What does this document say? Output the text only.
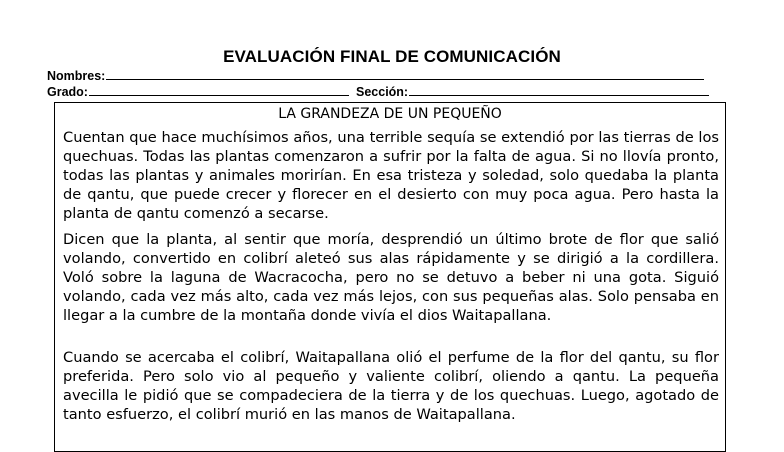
EVALUACIÓN FINAL DE COMUNICACIÓN
Nombres:
Grado:	Sección:
LA GRANDEZA DE UN PEQUEÑO
Cuentan que hace muchísimos años, una terrible sequía se extendió por las tierras de los quechuas. Todas las plantas comenzaron a sufrir por la falta de agua. Si no llovía pronto, todas las plantas y animales morirían. En esa tristeza y soledad, solo quedaba la planta de qantu, que puede crecer y florecer en el desierto con muy poca agua. Pero hasta la planta de qantu comenzó a secarse.
Dicen que la planta, al sentir que moría, desprendió un último brote de flor que salió volando, convertido en colibrí aleteó sus alas rápidamente y se dirigió a la cordillera. Voló sobre la laguna de Wacracocha, pero no se detuvo a beber ni una gota. Siguió volando, cada vez más alto, cada vez más lejos, con sus pequeñas alas. Solo pensaba en llegar a la cumbre de la montaña donde vivía el dios Waitapallana.
Cuando se acercaba el colibrí, Waitapallana olió el perfume de la flor del qantu, su flor preferida. Pero solo vio al pequeño y valiente colibrí, oliendo a qantu. La pequeña avecilla le pidió que se compadeciera de la tierra y de los quechuas. Luego, agotado de tanto esfuerzo, el colibrí murió en las manos de Waitapallana.
